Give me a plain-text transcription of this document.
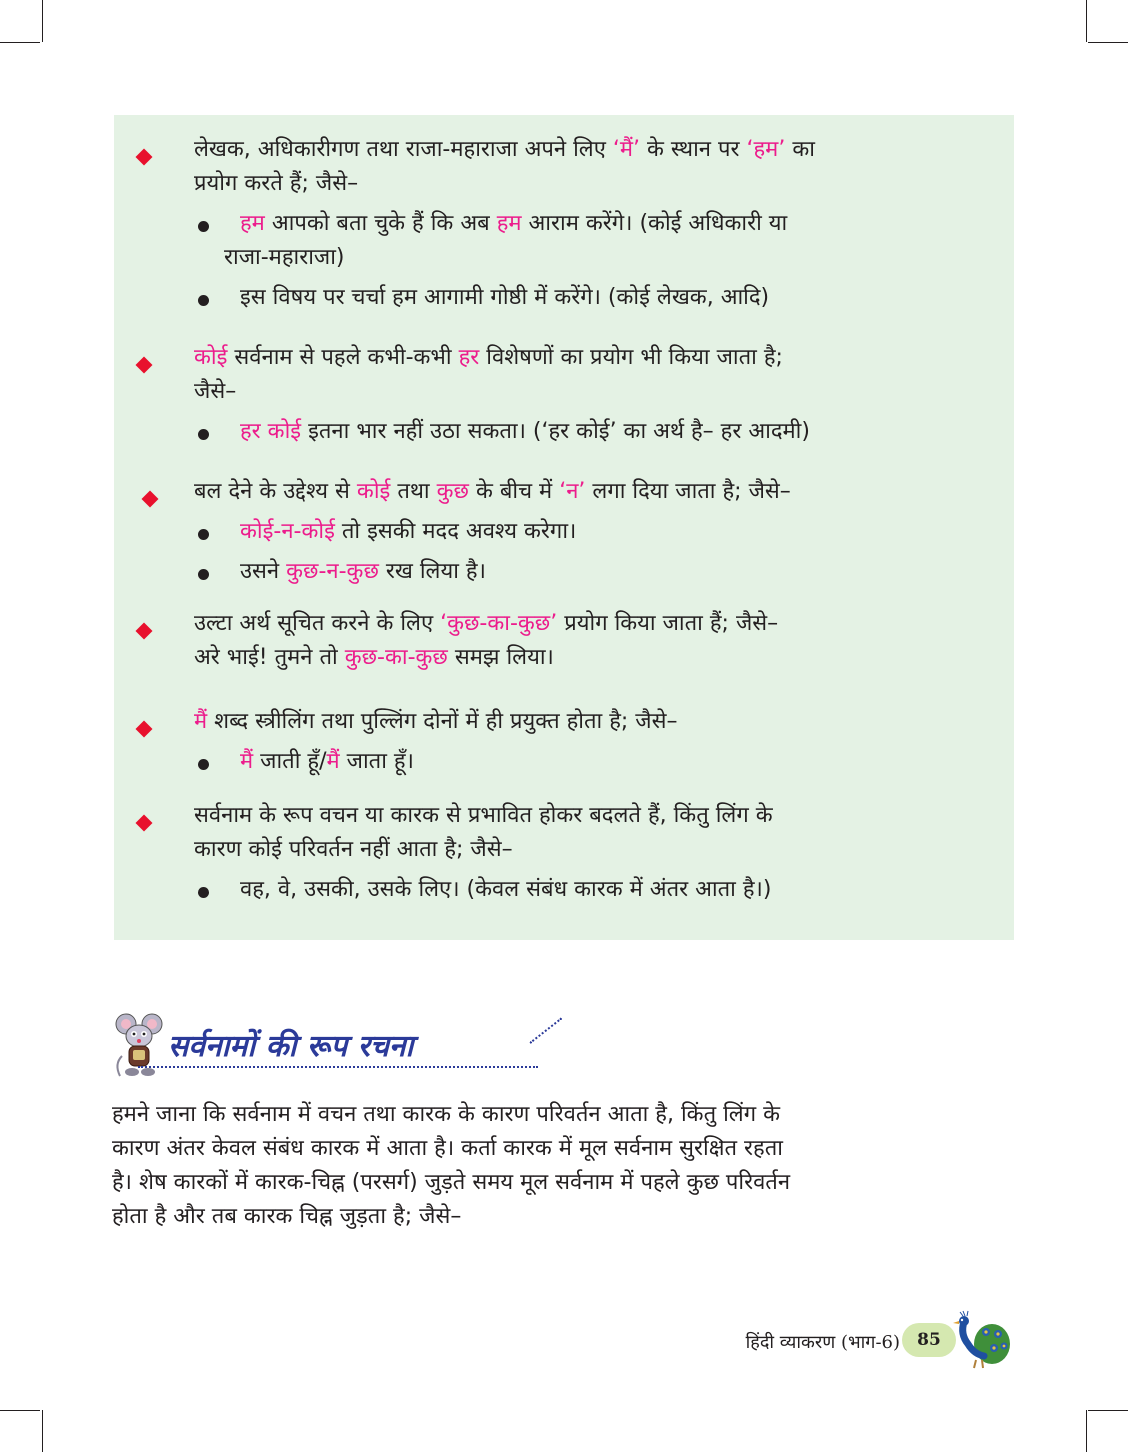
लेखक, अधिकारीगण तथा राजा-महाराजा अपने लिए ‘मैं’ के स्थान पर ‘हम’ का
प्रयोग करते हैं; जैसे–
हम आपको बता चुके हैं कि अब हम आराम करेंगे। (कोई अधिकारी या
राजा-महाराजा)
इस विषय पर चर्चा हम आगामी गोष्ठी में करेंगे। (कोई लेखक, आदि)
कोई सर्वनाम से पहले कभी-कभी हर विशेषणों का प्रयोग भी किया जाता है;
जैसे–
हर कोई इतना भार नहीं उठा सकता। (‘हर कोई’ का अर्थ है– हर आदमी)
बल देने के उद्देश्य से कोई तथा कुछ के बीच में ‘न’ लगा दिया जाता है; जैसे–
कोई-न-कोई तो इसकी मदद अवश्य करेगा।
उसने कुछ-न-कुछ रख लिया है।
उल्टा अर्थ सूचित करने के लिए ‘कुछ-का-कुछ’ प्रयोग किया जाता हैं; जैसे–
अरे भाई! तुमने तो कुछ-का-कुछ समझ लिया।
मैं शब्द स्त्रीलिंग तथा पुल्लिंग दोनों में ही प्रयुक्त होता है; जैसे–
मैं जाती हूँ/मैं जाता हूँ।
सर्वनाम के रूप वचन या कारक से प्रभावित होकर बदलते हैं, किंतु लिंग के
कारण कोई परिवर्तन नहीं आता है; जैसे–
वह, वे, उसकी, उसके लिए। (केवल संबंध कारक में अंतर आता है।)
सर्वनामों की रूप रचना
हमने जाना कि सर्वनाम में वचन तथा कारक के कारण परिवर्तन आता है, किंतु लिंग के
कारण अंतर केवल संबंध कारक में आता है। कर्ता कारक में मूल सर्वनाम सुरक्षित रहता
है। शेष कारकों में कारक-चिह्न (परसर्ग) जुड़ते समय मूल सर्वनाम में पहले कुछ परिवर्तन
होता है और तब कारक चिह्न जुड़ता है; जैसे–
हिंदी व्याकरण (भाग-6)	85
